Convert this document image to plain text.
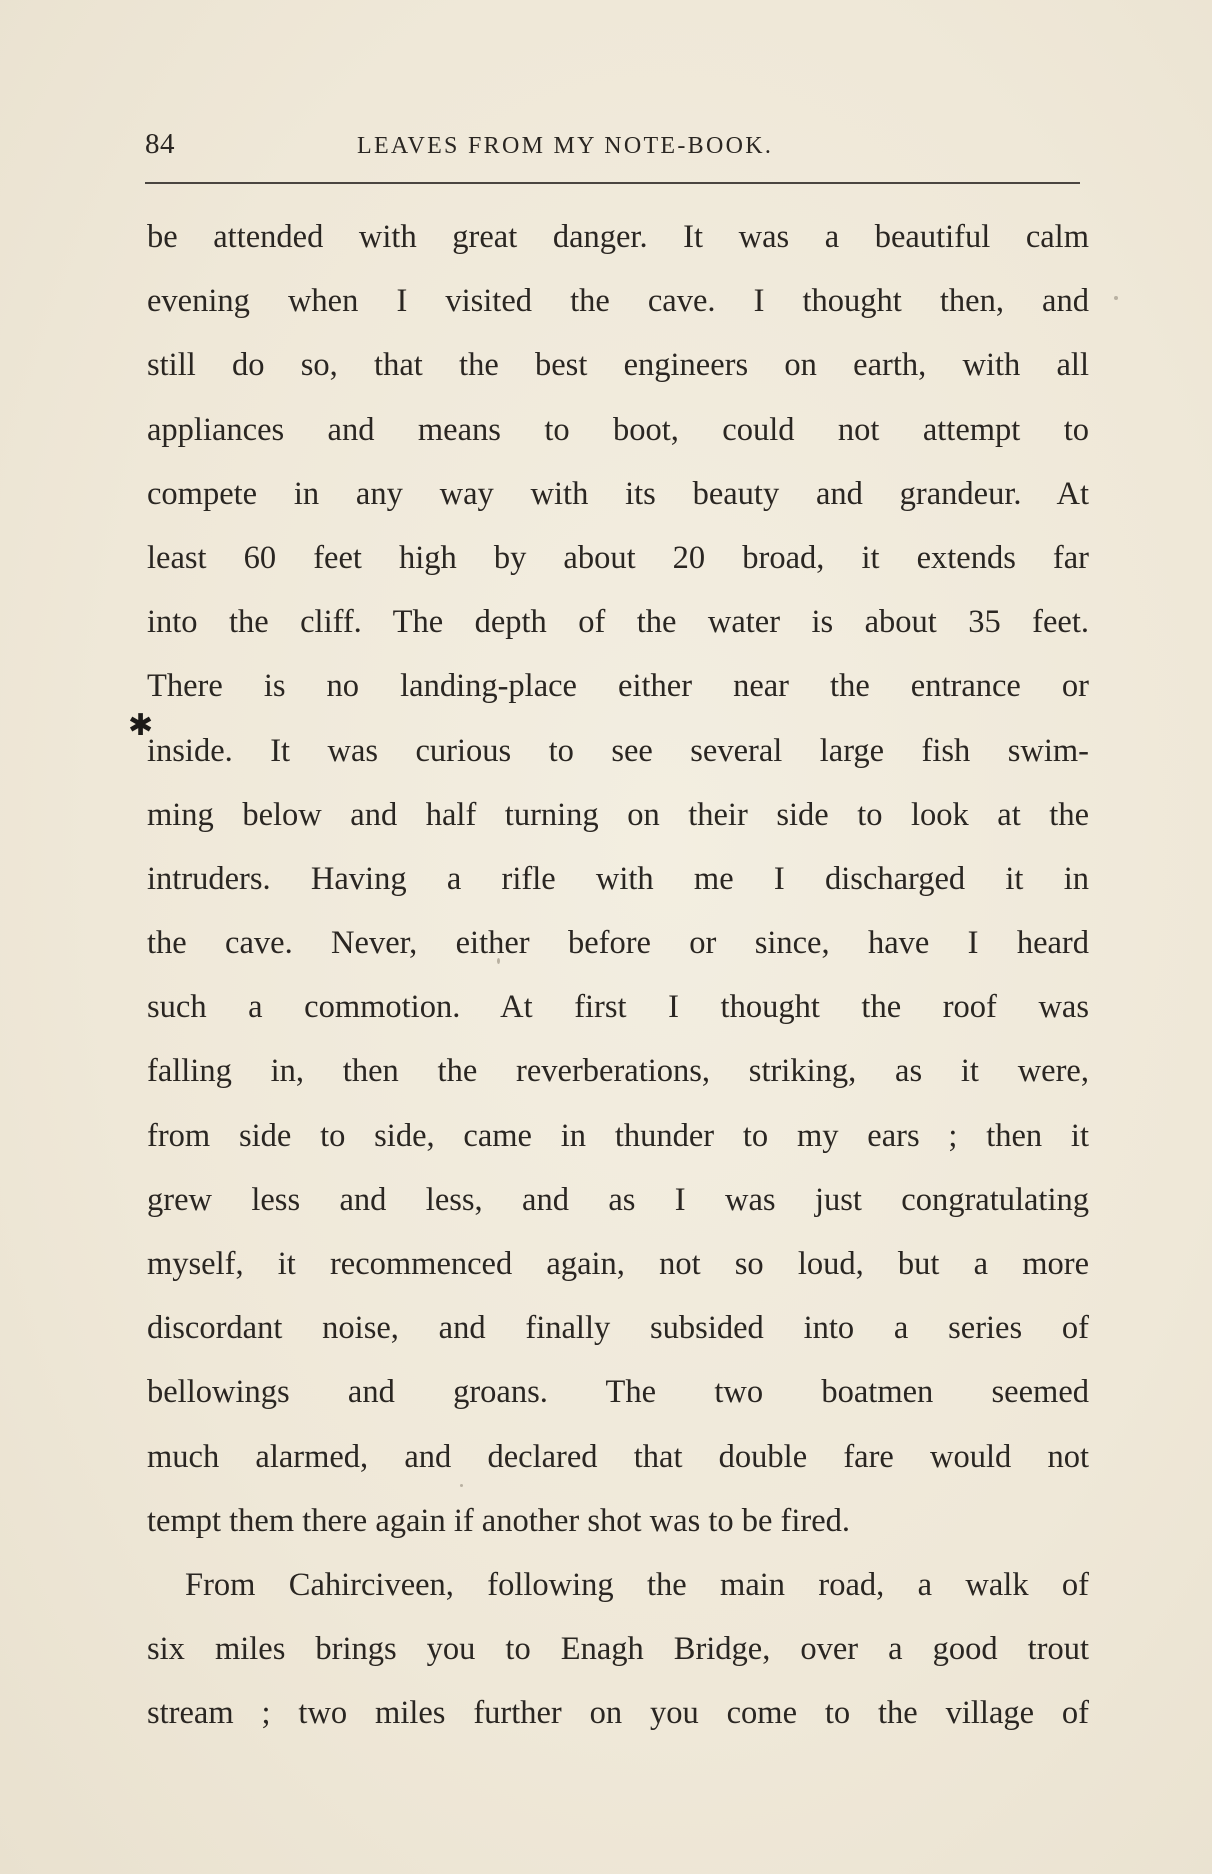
84	LEAVES FROM MY NOTE-BOOK.
✱
be attended with great danger. It was a beautiful calm
evening when I visited the cave. I thought then, and
still do so, that the best engineers on earth, with all
appliances and means to boot, could not attempt to
compete in any way with its beauty and grandeur. At
least 60 feet high by about 20 broad, it extends far
into the cliff. The depth of the water is about 35 feet.
There is no landing-place either near the entrance or
inside. It was curious to see several large fish swim-
ming below and half turning on their side to look at the
intruders. Having a rifle with me I discharged it in
the cave. Never, either before or since, have I heard
such a commotion. At first I thought the roof was
falling in, then the reverberations, striking, as it were,
from side to side, came in thunder to my ears ; then it
grew less and less, and as I was just congratulating
myself, it recommenced again, not so loud, but a more
discordant noise, and finally subsided into a series of
bellowings and groans. The two boatmen seemed
much alarmed, and declared that double fare would not
tempt them there again if another shot was to be fired.
From Cahirciveen, following the main road, a walk of
six miles brings you to Enagh Bridge, over a good trout
stream ; two miles further on you come to the village of
